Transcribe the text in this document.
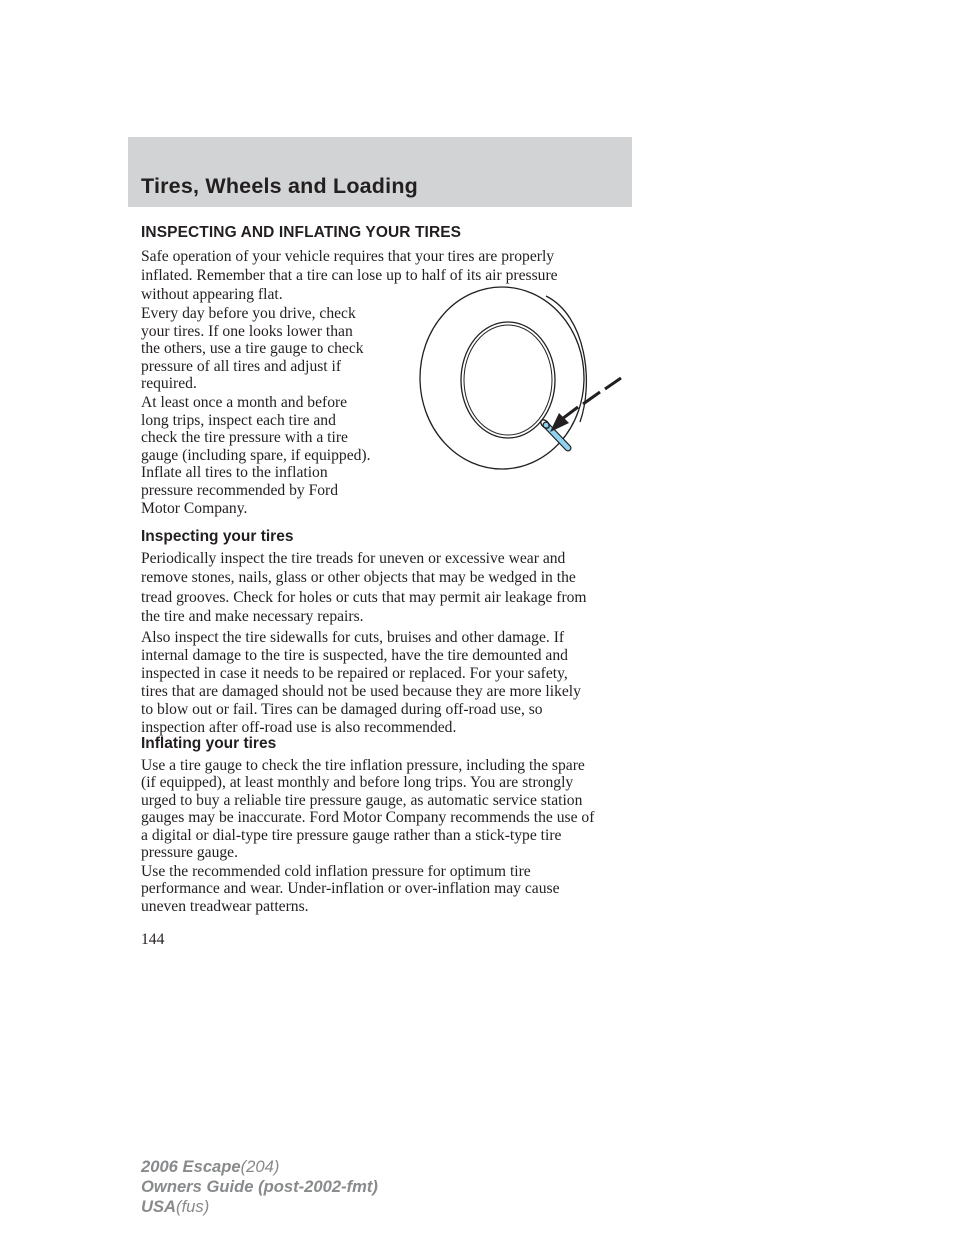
Tires, Wheels and Loading
INSPECTING AND INFLATING YOUR TIRES

Safe operation of your vehicle requires that your tires are properly
inflated. Remember that a tire can lose up to half of its air pressure
without appearing flat.

Every day before you drive, check
your tires. If one looks lower than
the others, use a tire gauge to check
pressure of all tires and adjust if
required.

At least once a month and before
long trips, inspect each tire and
check the tire pressure with a tire
gauge (including spare, if equipped).
Inflate all tires to the inflation
pressure recommended by Ford
Motor Company.

Inspecting your tires

Periodically inspect the tire treads for uneven or excessive wear and
remove stones, nails, glass or other objects that may be wedged in the
tread grooves. Check for holes or cuts that may permit air leakage from
the tire and make necessary repairs.

Also inspect the tire sidewalls for cuts, bruises and other damage. If
internal damage to the tire is suspected, have the tire demounted and
inspected in case it needs to be repaired or replaced. For your safety,
tires that are damaged should not be used because they are more likely
to blow out or fail. Tires can be damaged during off-road use, so
inspection after off-road use is also recommended.

Inflating your tires

Use a tire gauge to check the tire inflation pressure, including the spare
(if equipped), at least monthly and before long trips. You are strongly
urged to buy a reliable tire pressure gauge, as automatic service station
gauges may be inaccurate. Ford Motor Company recommends the use of
a digital or dial-type tire pressure gauge rather than a stick-type tire
pressure gauge.

Use the recommended cold inflation pressure for optimum tire
performance and wear. Under-inflation or over-inflation may cause
uneven treadwear patterns.

144
2006 Escape(204)
Owners Guide (post-2002-fmt)
USA(fus)
